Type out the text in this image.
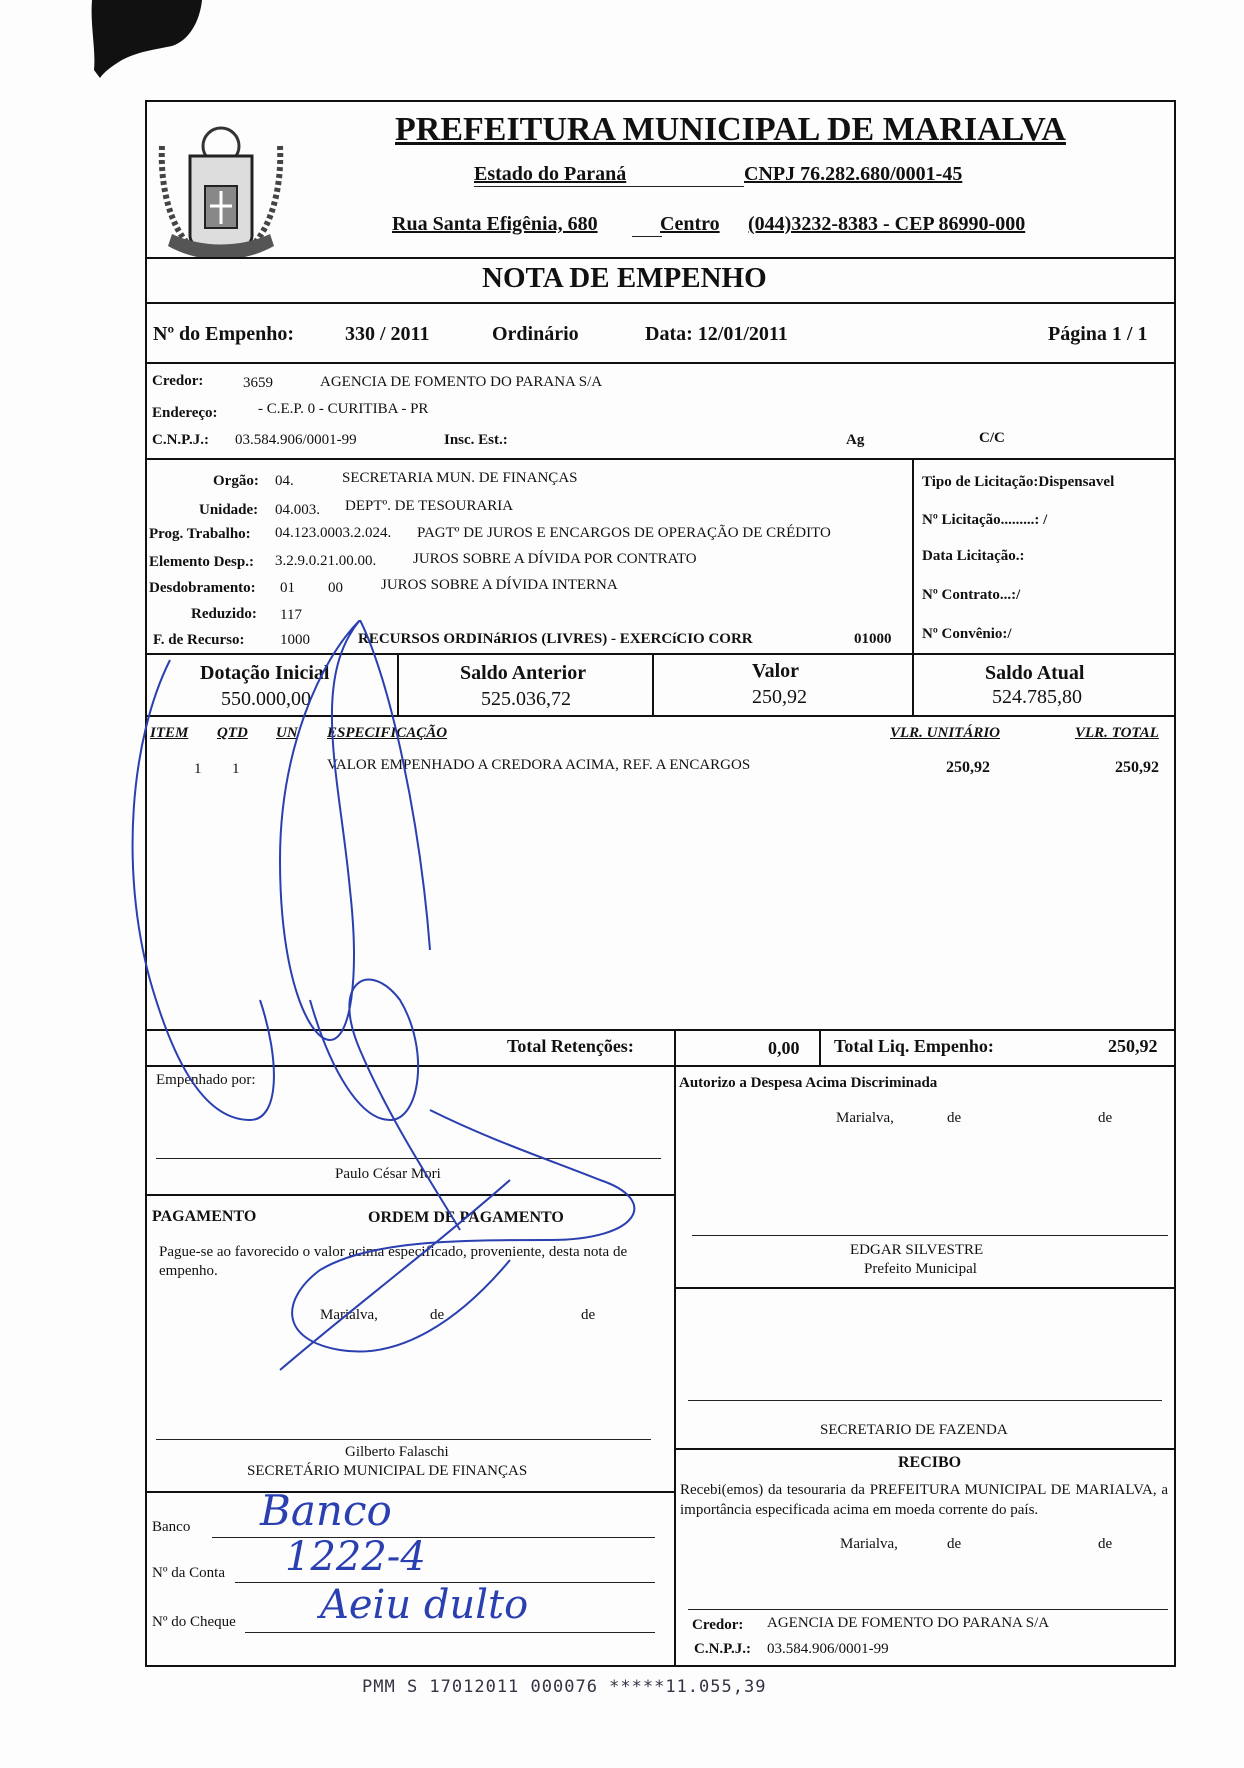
PREFEITURA MUNICIPAL DE MARIALVA
Estado do Paraná	CNPJ 76.282.680/0001-45
Rua Santa Efigênia, 680	Centro (044)3232-8383 - CEP 86990-000
NOTA DE EMPENHO
Nº do Empenho:	330 / 2011	Ordinário	Data: 12/01/2011	Página 1 / 1
Credor:	3659	AGENCIA DE FOMENTO DO PARANA S/A
Endereço:	- C.E.P. 0 - CURITIBA - PR
C.N.P.J.: 03.584.906/0001-99	Insc. Est.:	Ag	C/C
Orgão: 04.	SECRETARIA MUN. DE FINANÇAS
Unidade: 04.003. DEPTº. DE TESOURARIA
Prog. Trabalho: 04.123.0003.2.024. PAGTº DE JUROS E ENCARGOS DE OPERAÇÃO DE CRÉDITO
Elemento Desp.: 3.2.9.0.21.00.00. JUROS SOBRE A DÍVIDA POR CONTRATO
Desdobramento: 01 00	JUROS SOBRE A DÍVIDA INTERNA
Reduzido: 117
F. de Recurso: 1000	RECURSOS ORDINáRIOS (LIVRES) - EXERCíCIO CORR	01000
Tipo de Licitação:Dispensavel
Nº Licitação.........: /
Data Licitação.:
Nº Contrato...:/
Nº Convênio:/
Dotação Inicial
550.000,00
Saldo Anterior
525.036,72
Valor
250,92
Saldo Atual
524.785,80
ITEM QTD UN ESPECIFICAÇÃO	VLR. UNITÁRIO	VLR. TOTAL
1 1	VALOR EMPENHADO A CREDORA ACIMA, REF. A ENCARGOS	250,92	250,92
Total Retenções:	0,00 Total Liq. Empenho:	250,92
Empenhado por:
Paulo César Mori
PAGAMENTO	ORDEM DE PAGAMENTO
Pague-se ao favorecido o valor acima especificado, proveniente, desta nota de empenho.
Marialva,	de	de
Gilberto Falaschi
SECRETÁRIO MUNICIPAL DE FINANÇAS
Banco Banco
Nº da Conta 1222-4
Nº do Cheque Aeiu dulto
Autorizo a Despesa Acima Discriminada
Marialva,	de	de
EDGAR SILVESTRE
Prefeito Municipal
SECRETARIO DE FAZENDA
RECIBO
Recebi(emos) da tesouraria da PREFEITURA MUNICIPAL DE MARIALVA, a importância especificada acima em moeda corrente do país.
Marialva,	de	de
Credor: AGENCIA DE FOMENTO DO PARANA S/A
C.N.P.J.: 03.584.906/0001-99
PMM S 17012011 000076 *****11.055,39
